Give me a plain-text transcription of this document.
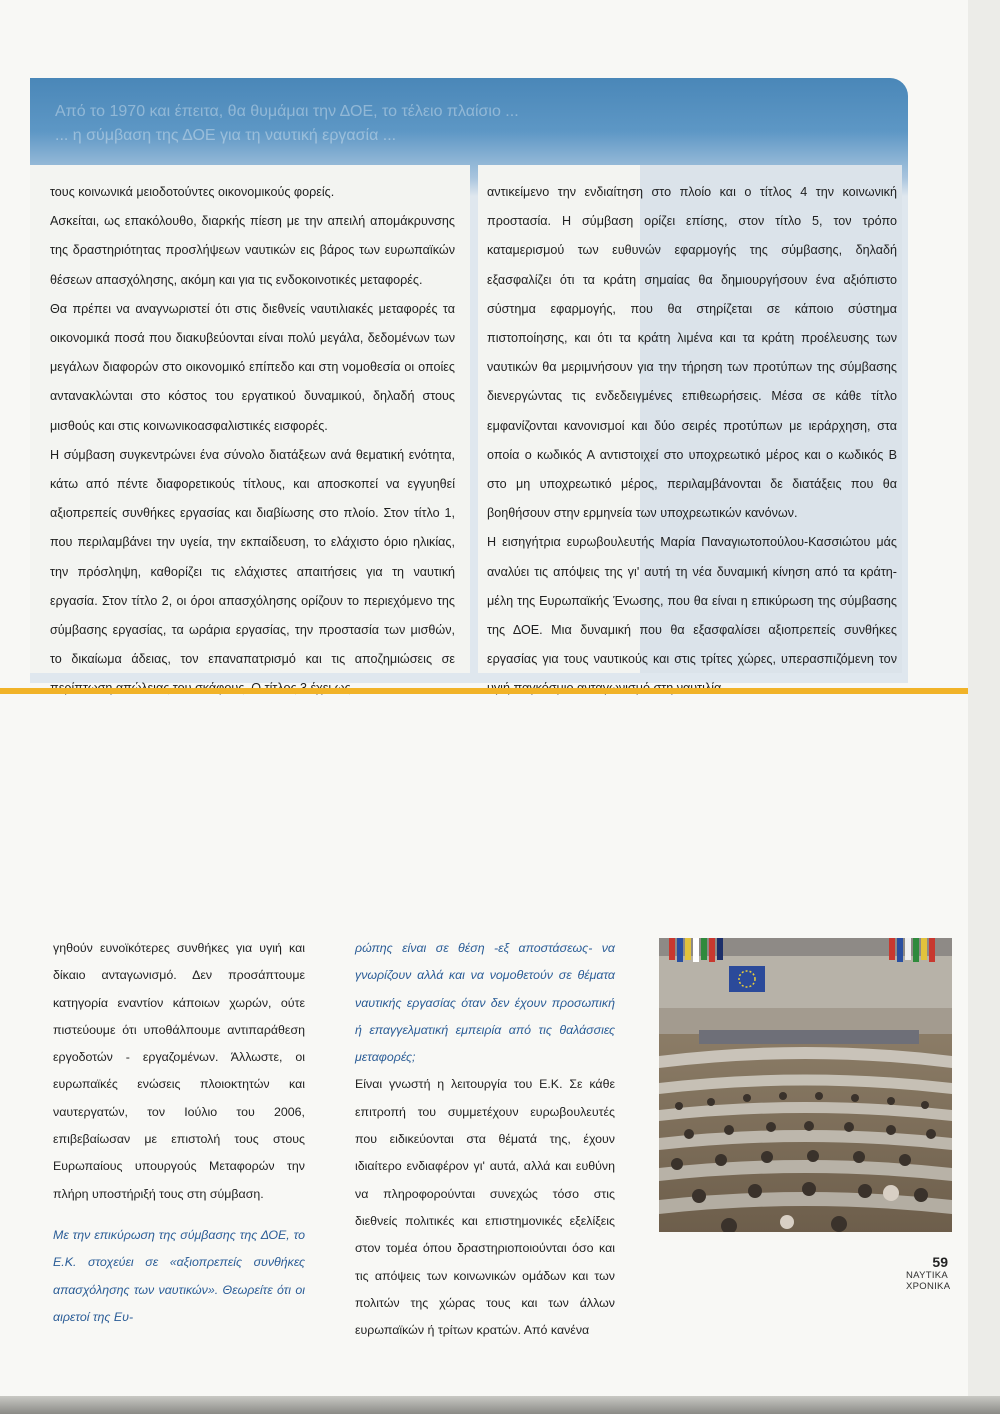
Από το 1970 και έπειτα, θα θυμάμαι την ΔΟΕ, το τέλειο πλαίσιο ...
... η σύμβαση της ΔΟΕ για τη ναυτική εργασία ...

τους κοινωνικά μειοδοτούντες οικονομικούς φορείς.

Ασκείται, ως επακόλουθο, διαρκής πίεση με την απειλή απομάκρυνσης της δραστηριότητας προσλήψεων ναυτικών εις βάρος των ευρωπαϊκών θέσεων απασχόλησης, ακόμη και για τις ενδοκοινοτικές μεταφορές.

Θα πρέπει να αναγνωριστεί ότι στις διεθνείς ναυτιλιακές μεταφορές τα οικονομικά ποσά που διακυβεύονται είναι πολύ μεγάλα, δεδομένων των μεγάλων διαφορών στο οικονομικό επίπεδο και στη νομοθεσία οι οποίες αντανακλώνται στο κόστος του εργατικού δυναμικού, δηλαδή στους μισθούς και στις κοινωνικοασφαλιστικές εισφορές.

Η σύμβαση συγκεντρώνει ένα σύνολο διατάξεων ανά θεματική ενότητα, κάτω από πέντε διαφορετικούς τίτλους, και αποσκοπεί να εγγυηθεί αξιοπρεπείς συνθήκες εργασίας και διαβίωσης στο πλοίο. Στον τίτλο 1, που περιλαμβάνει την υγεία, την εκπαίδευση, το ελάχιστο όριο ηλικίας, την πρόσληψη, καθορίζει τις ελάχιστες απαιτήσεις για τη ναυτική εργασία. Στον τίτλο 2, οι όροι απασχόλησης ορίζουν το περιεχόμενο της σύμβασης εργασίας, τα ωράρια εργασίας, την προστασία των μισθών, το δικαίωμα άδειας, τον επαναπατρισμό και τις αποζημιώσεις σε

αντικείμενο την ενδιαίτηση στο πλοίο και ο τίτλος 4 την κοινωνική προστασία. Η σύμβαση ορίζει επίσης, στον τίτλο 5, τον τρόπο καταμερισμού των ευθυνών εφαρμογής της σύμβασης, δηλαδή εξασφαλίζει ότι τα κράτη σημαίας θα δημιουργήσουν ένα αξιόπιστο σύστημα εφαρμογής, που θα στηρίζεται σε κάποιο σύστημα πιστοποίησης, και ότι τα κράτη λιμένα και τα κράτη προέλευσης των ναυτικών θα μεριμνήσουν για την τήρηση των προτύπων της σύμβασης διενεργώντας τις ενδεδειγμένες επιθεωρήσεις. Μέσα σε κάθε τίτλο εμφανίζονται κανονισμοί και δύο σειρές προτύπων με ιεράρχηση, στα οποία ο κωδικός Α αντιστοιχεί στο υποχρεωτικό μέρος και ο κωδικός Β στο μη υποχρεωτικό μέρος, περιλαμβάνονται δε διατάξεις που θα βοηθήσουν στην ερμηνεία των υποχρεωτικών κανόνων.

Η εισηγήτρια ευρωβουλευτής Μαρία Παναγιωτοπούλου-Κασσιώτου μάς αναλύει τις απόψεις της γι' αυτή τη νέα δυναμική κίνηση από τα κράτη-μέλη της Ευρωπαϊκής Ένωσης, που θα είναι η επικύρωση της σύμβασης της ΔΟΕ. Μια δυναμική που θα εξασφαλίσει αξιοπρεπείς συνθήκες εργασίας για τους ναυτικούς και στις τρίτες χώρες, υπερασπιζόμενη τον

γηθούν ευνοϊκότερες συνθήκες για υγιή και δίκαιο ανταγωνισμό. Δεν προσάπτουμε κατηγορία εναντίον κάποιων χωρών, ούτε πιστεύουμε ότι υποθάλπουμε αντιπαράθεση εργοδοτών - εργαζομένων. Άλλωστε, οι ευρωπαϊκές ενώσεις πλοιοκτητών και ναυτεργατών, τον Ιούλιο του 2006, επιβεβαίωσαν με επιστολή τους στους Ευρωπαίους υπουργούς Μεταφορών την πλήρη υποστήριξή τους στη σύμβαση.

Με την επικύρωση της σύμβασης της ΔΟΕ, το Ε.Κ. στοχεύει σε «αξιοπρεπείς συνθήκες απασχόλησης των ναυτικών». Θεωρείτε ότι οι αιρετοί της Ευ-

ρώπης είναι σε θέση -εξ αποστάσεως- να γνωρίζουν αλλά και να νομοθετούν σε θέματα ναυτικής εργασίας όταν δεν έχουν προσωπική ή επαγγελματική εμπειρία από τις θαλάσσιες μεταφορές;

Είναι γνωστή η λειτουργία του Ε.Κ. Σε κάθε επιτροπή του συμμετέχουν ευρωβουλευτές που ειδικεύονται στα θέματά της, έχουν ιδιαίτερο ενδιαφέρον γι' αυτά, αλλά και ευθύνη να πληροφορούνται συνεχώς τόσο στις διεθνείς πολιτικές και επιστημονικές εξελίξεις στον τομέα όπου δραστηριοποιούνται όσο και τις απόψεις των κοινωνικών ομάδων και των πολιτών της χώρας τους και των άλλων ευρωπαϊκών ή τρίτων κρατών. Από κανένα

59
ΝΑΥΤΙΚΑ
ΧΡΟΝΙΚΑ
